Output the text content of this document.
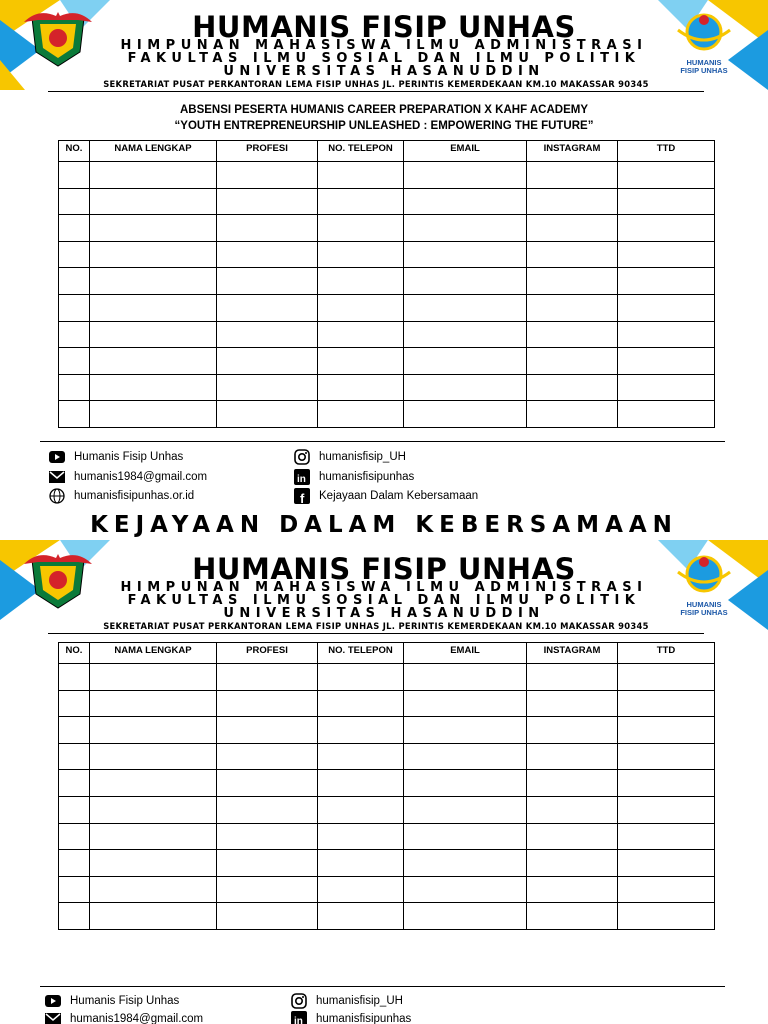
HUMANIS
FISIP UNHAS
HUMANIS FISIP UNHAS
HIMPUNAN MAHASISWA ILMU ADMINISTRASI
FAKULTAS ILMU SOSIAL DAN ILMU POLITIK
UNIVERSITAS HASANUDDIN
SEKRETARIAT PUSAT PERKANTORAN LEMA FISIP UNHAS JL. PERINTIS KEMERDEKAAN KM.10 MAKASSAR 90345
ABSENSI PESERTA HUMANIS CAREER PREPARATION X KAHF ACADEMY
“YOUTH ENTREPRENEURSHIP UNLEASHED : EMPOWERING THE FUTURE”
NO.	NAMA LENGKAP	PROFESI	NO. TELEPON	EMAIL	INSTAGRAM	TTD

Humanis Fisip Unhas
humanis1984@gmail.com
humanisfisipunhas.or.id
humanisfisip_UH
in humanisfisipunhas
f Kejayaan Dalam Kebersamaan
KEJAYAAN DALAM KEBERSAMAAN
HUMANIS
FISIP UNHAS
HUMANIS FISIP UNHAS
HIMPUNAN MAHASISWA ILMU ADMINISTRASI
FAKULTAS ILMU SOSIAL DAN ILMU POLITIK
UNIVERSITAS HASANUDDIN
SEKRETARIAT PUSAT PERKANTORAN LEMA FISIP UNHAS JL. PERINTIS KEMERDEKAAN KM.10 MAKASSAR 90345
NO.	NAMA LENGKAP	PROFESI	NO. TELEPON	EMAIL	INSTAGRAM	TTD

Humanis Fisip Unhas
humanis1984@gmail.com
humanisfisip_UH
in humanisfisipunhas
